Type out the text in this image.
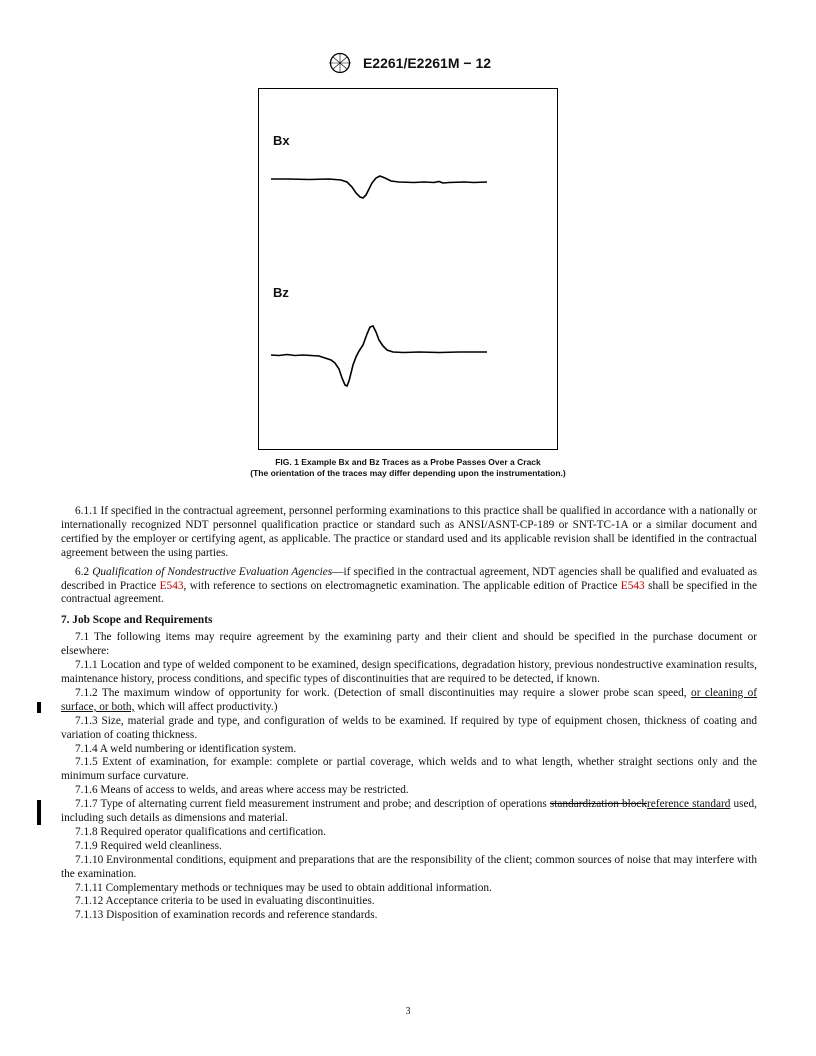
E2261/E2261M − 12
Bx
Bz
FIG. 1 Example Bx and Bz Traces as a Probe Passes Over a Crack
(The orientation of the traces may differ depending upon the instrumentation.)

6.1.1 If specified in the contractual agreement, personnel performing examinations to this practice shall be qualified in accordance with a nationally or internationally recognized NDT personnel qualification practice or standard such as ANSI/ASNT-CP-189 or SNT-TC-1A or a similar document and certified by the employer or certifying agent, as applicable. The practice or standard used and its applicable revision shall be identified in the contractual agreement between the using parties.

6.2 Qualification of Nondestructive Evaluation Agencies—if specified in the contractual agreement, NDT agencies shall be qualified and evaluated as described in Practice E543, with reference to sections on electromagnetic examination. The applicable edition of Practice E543 shall be specified in the contractual agreement.

7. Job Scope and Requirements

7.1 The following items may require agreement by the examining party and their client and should be specified in the purchase document or elsewhere:

7.1.1 Location and type of welded component to be examined, design specifications, degradation history, previous nondestructive examination results, maintenance history, process conditions, and specific types of discontinuities that are required to be detected, if known.

7.1.2 The maximum window of opportunity for work. (Detection of small discontinuities may require a slower probe scan speed, or cleaning of surface, or both, which will affect productivity.)

7.1.3 Size, material grade and type, and configuration of welds to be examined. If required by type of equipment chosen, thickness of coating and variation of coating thickness.

7.1.4 A weld numbering or identification system.

7.1.5 Extent of examination, for example: complete or partial coverage, which welds and to what length, whether straight sections only and the minimum surface curvature.

7.1.6 Means of access to welds, and areas where access may be restricted.

7.1.7 Type of alternating current field measurement instrument and probe; and description of operations standardization blockreference standard used, including such details as dimensions and material.

7.1.8 Required operator qualifications and certification.

7.1.9 Required weld cleanliness.

7.1.10 Environmental conditions, equipment and preparations that are the responsibility of the client; common sources of noise that may interfere with the examination.

7.1.11 Complementary methods or techniques may be used to obtain additional information.

7.1.12 Acceptance criteria to be used in evaluating discontinuities.

7.1.13 Disposition of examination records and reference standards.

3
